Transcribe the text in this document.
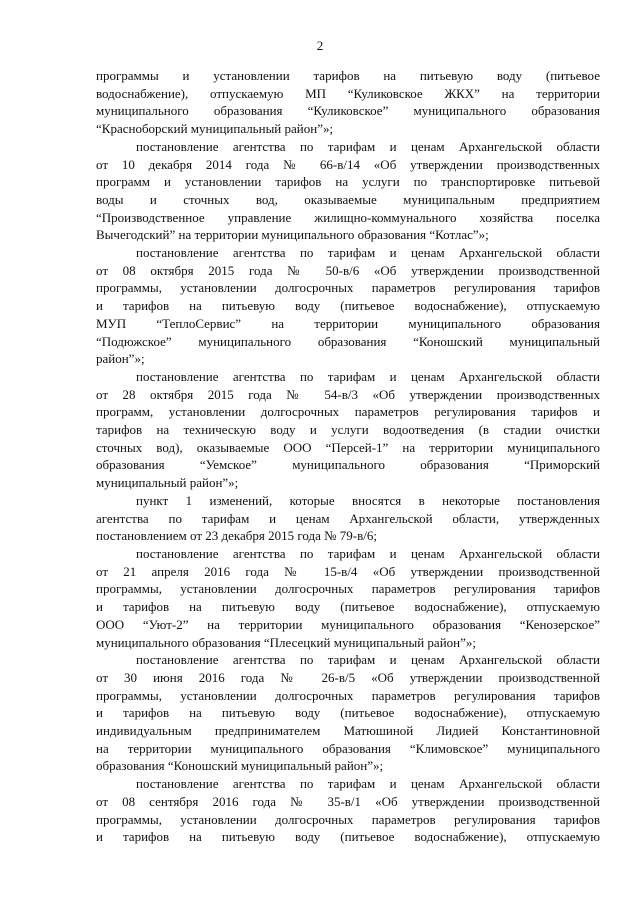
2

программы и установлении тарифов на питьевую воду (питьевое
водоснабжение), отпускаемую МП “Куликовское ЖКХ” на территории
муниципального образования “Куликовское” муниципального образования
“Красноборский муниципальный район”»;

постановление агентства по тарифам и ценам Архангельской области
от 10 декабря 2014 года № 66-в/14 «Об утверждении производственных
программ и установлении тарифов на услуги по транспортировке питьевой
воды и сточных вод, оказываемые муниципальным предприятием
“Производственное управление жилищно-коммунального хозяйства поселка
Вычегодский” на территории муниципального образования “Котлас”»;

постановление агентства по тарифам и ценам Архангельской области
от 08 октября 2015 года № 50-в/6 «Об утверждении производственной
программы, установлении долгосрочных параметров регулирования тарифов
и тарифов на питьевую воду (питьевое водоснабжение), отпускаемую
МУП “ТеплоСервис” на территории муниципального образования
“Подюжское” муниципального образования “Коношский муниципальный
район”»;

постановление агентства по тарифам и ценам Архангельской области
от 28 октября 2015 года № 54-в/3 «Об утверждении производственных
программ, установлении долгосрочных параметров регулирования тарифов и
тарифов на техническую воду и услуги водоотведения (в стадии очистки
сточных вод), оказываемые ООО “Персей-1” на территории муниципального
образования “Уемское” муниципального образования “Приморский
муниципальный район”»;

пункт 1 изменений, которые вносятся в некоторые постановления
агентства по тарифам и ценам Архангельской области, утвержденных
постановлением от 23 декабря 2015 года № 79-в/6;

постановление агентства по тарифам и ценам Архангельской области
от 21 апреля 2016 года № 15-в/4 «Об утверждении производственной
программы, установлении долгосрочных параметров регулирования тарифов
и тарифов на питьевую воду (питьевое водоснабжение), отпускаемую
ООО “Уют-2” на территории муниципального образования “Кенозерское”
муниципального образования “Плесецкий муниципальный район”»;

постановление агентства по тарифам и ценам Архангельской области
от 30 июня 2016 года № 26-в/5 «Об утверждении производственной
программы, установлении долгосрочных параметров регулирования тарифов
и тарифов на питьевую воду (питьевое водоснабжение), отпускаемую
индивидуальным предпринимателем Матюшиной Лидией Константиновной
на территории муниципального образования “Климовское” муниципального
образования “Коношский муниципальный район”»;

постановление агентства по тарифам и ценам Архангельской области
от 08 сентября 2016 года № 35-в/1 «Об утверждении производственной
программы, установлении долгосрочных параметров регулирования тарифов
и тарифов на питьевую воду (питьевое водоснабжение), отпускаемую
